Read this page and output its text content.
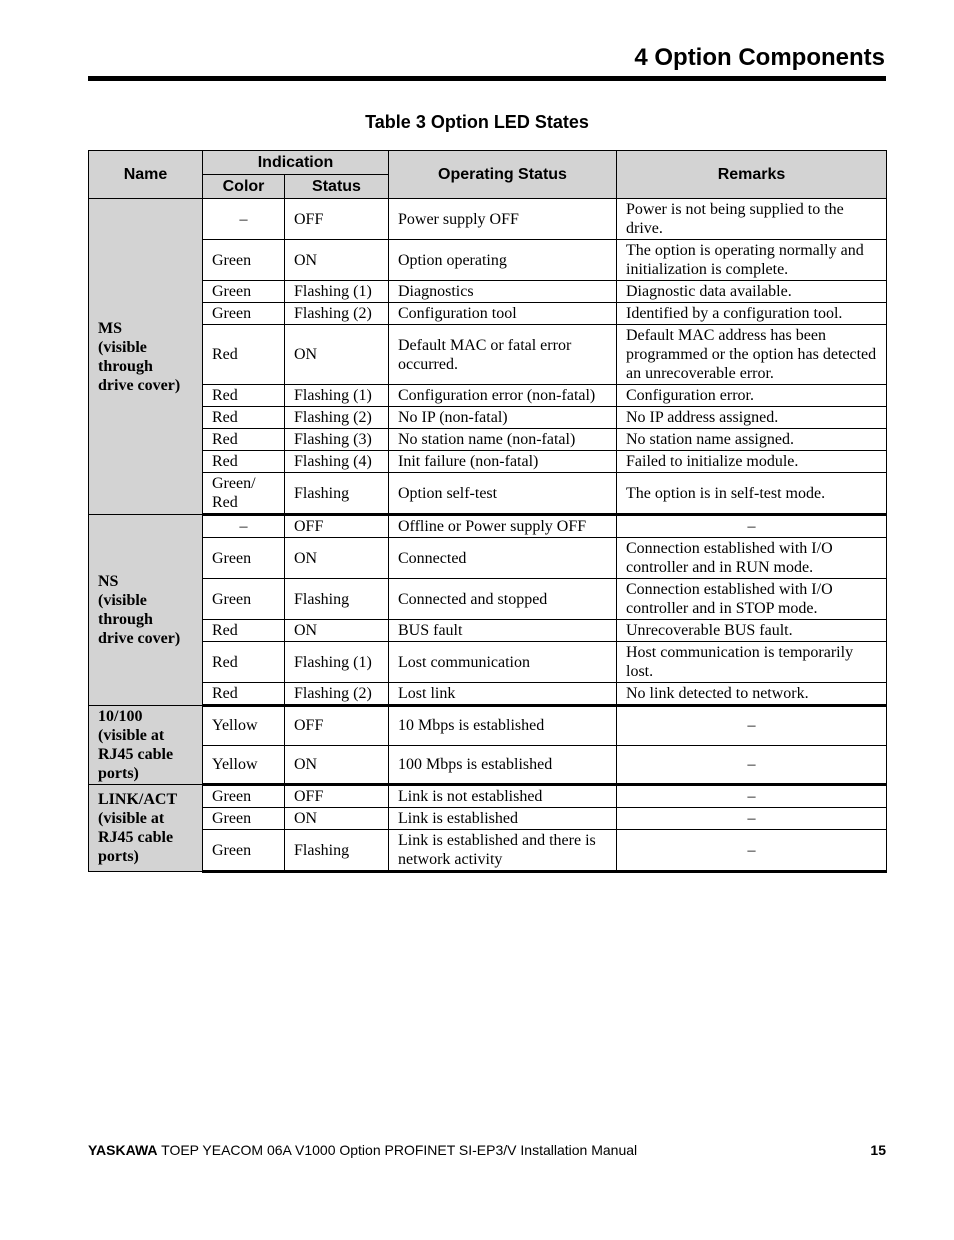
4 Option Components
Table 3 Option LED States
Name	Indication		Operating Status	Remarks
	Color	Status		
MS
(visible
through
drive cover)	–	OFF	Power supply OFF	Power is not being supplied to the drive.
	Green	ON	Option operating	The option is operating normally and initialization is complete.
	Green	Flashing (1)	Diagnostics	Diagnostic data available.
	Green	Flashing (2)	Configuration tool	Identified by a configuration tool.
	Red	ON	Default MAC or fatal error occurred.	Default MAC address has been programmed or the option has detected an unrecoverable error.
	Red	Flashing (1)	Configuration error (non-fatal)	Configuration error.
	Red	Flashing (2)	No IP (non-fatal)	No IP address assigned.
	Red	Flashing (3)	No station name (non-fatal)	No station name assigned.
	Red	Flashing (4)	Init failure (non-fatal)	Failed to initialize module.
	Green/
Red	Flashing	Option self-test	The option is in self-test mode.
NS
(visible
through
drive cover)	–	OFF	Offline or Power supply OFF	–
	Green	ON	Connected	Connection established with I/O controller and in RUN mode.
	Green	Flashing	Connected and stopped	Connection established with I/O controller and in STOP mode.
	Red	ON	BUS fault	Unrecoverable BUS fault.
	Red	Flashing (1)	Lost communication	Host communication is temporarily lost.
	Red	Flashing (2)	Lost link	No link detected to network.
10/100
(visible at
RJ45 cable
ports)	Yellow	OFF	10 Mbps is established	–
	Yellow	ON	100 Mbps is established	–
LINK/ACT
(visible at
RJ45 cable
ports)	Green	OFF	Link is not established	–
	Green	ON	Link is established	–
	Green	Flashing	Link is established and there is network activity	–
YASKAWA TOEP YEACOM 06A V1000 Option PROFINET SI-EP3/V Installation Manual	15
